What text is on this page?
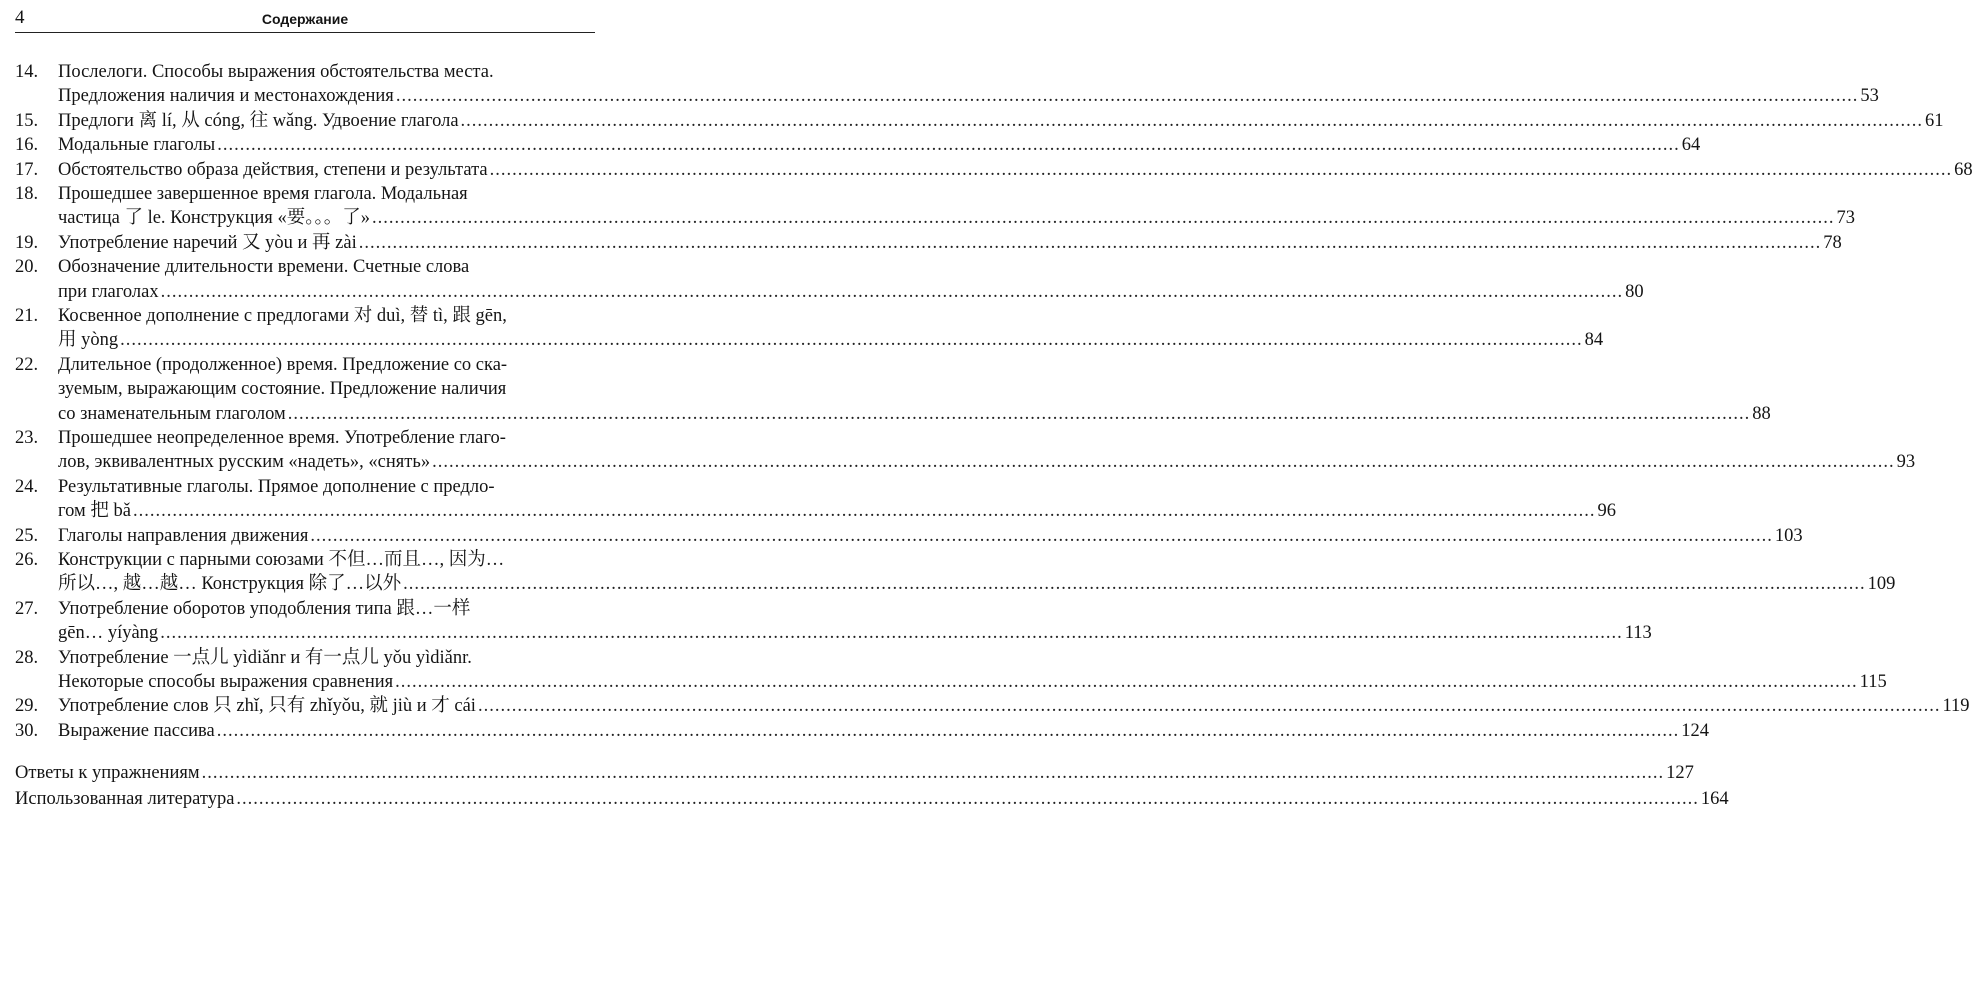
4	Содержание
14.	Послелоги. Способы выражения обстоятельства места.
Предложения наличия и местонахождения .................................................................................................................................................................................................................................................................... 53
15.	Предлоги 离 lí, 从 cóng, 往 wǎng. Удвоение глагола .................................................................................................................................................................................................................................................................... 61
16.	Модальные глаголы .................................................................................................................................................................................................................................................................... 64
17.	Обстоятельство образа действия, степени и результата .................................................................................................................................................................................................................................................................... 68
18.	Прошедшее завершенное время глагола. Модальная
частица 了 le. Конструкция «要。。。了» .................................................................................................................................................................................................................................................................... 73
19.	Употребление наречий 又 yòu и 再 zài .................................................................................................................................................................................................................................................................... 78
20.	Обозначение длительности времени. Счетные слова
при глаголах .................................................................................................................................................................................................................................................................... 80
21.	Косвенное дополнение с предлогами 对 duì, 替 tì, 跟 gēn,
用 yòng .................................................................................................................................................................................................................................................................... 84
22.	Длительное (продолженное) время. Предложение со ска-
зуемым, выражающим состояние. Предложение наличия
со знаменательным глаголом .................................................................................................................................................................................................................................................................... 88
23.	Прошедшее неопределенное время. Употребление глаго-
лов, эквивалентных русским «надеть», «снять» .................................................................................................................................................................................................................................................................... 93
24.	Результативные глаголы. Прямое дополнение с предло-
гом 把 bǎ .................................................................................................................................................................................................................................................................... 96
25.	Глаголы направления движения .................................................................................................................................................................................................................................................................... 103
26.	Конструкции с парными союзами 不但…而且…, 因为…
所以…, 越…越… Конструкция 除了…以外 .................................................................................................................................................................................................................................................................... 109
27.	Употребление оборотов уподобления типа 跟…一样
gēn… yíyàng .................................................................................................................................................................................................................................................................... 113
28.	Употребление 一点儿 yìdiǎnr и 有一点儿 yǒu yìdiǎnr.
Некоторые способы выражения сравнения .................................................................................................................................................................................................................................................................... 115
29.	Употребление слов 只 zhǐ, 只有 zhǐyǒu, 就 jiù и 才 cái .................................................................................................................................................................................................................................................................... 119
30.	Выражение пассива .................................................................................................................................................................................................................................................................... 124
Ответы к упражнениям .................................................................................................................................................................................................................................................................... 127
Использованная литература .................................................................................................................................................................................................................................................................... 164
